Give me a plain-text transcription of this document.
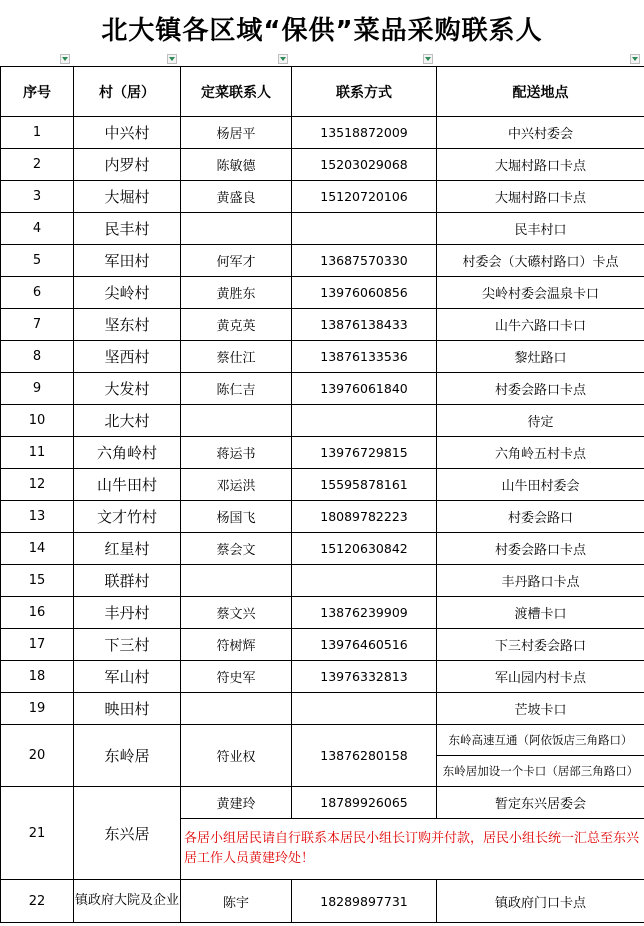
北大镇各区域“保供”菜品采购联系人
序号	村（居）	定菜联系人	联系方式	配送地点
1	中兴村	杨居平	13518872009	中兴村委会
2	内罗村	陈敏德	15203029068	大堀村路口卡点
3	大堀村	黄盛良	15120720106	大堀村路口卡点
4	民丰村			民丰村口
5	军田村	何军才	13687570330	村委会（大礤村路口）卡点
6	尖岭村	黄胜东	13976060856	尖岭村委会温泉卡口
7	坚东村	黄克英	13876138433	山牛六路口卡口
8	坚西村	蔡仕江	13876133536	黎灶路口
9	大发村	陈仁吉	13976061840	村委会路口卡点
10	北大村			待定
11	六角岭村	蒋运书	13976729815	六角岭五村卡点
12	山牛田村	邓运洪	15595878161	山牛田村委会
13	文才竹村	杨国飞	18089782223	村委会路口
14	红星村	蔡会文	15120630842	村委会路口卡点
15	联群村			丰丹路口卡点
16	丰丹村	蔡文兴	13876239909	渡槽卡口
17	下三村	符树辉	13976460516	下三村委会路口
18	军山村	符史军	13976332813	军山园内村卡点
19	映田村			芒坡卡口
20	东岭居	符业权	13876280158	东岭高速互通（阿依饭店三角路口）
				东岭居加设一个卡口（居部三角路口）
21	东兴居	黄建玲	18789926065	暂定东兴居委会
		各居小组居民请自行联系本居民小组长订购并付款，居民小组长统一汇总至东兴居工作人员黄建玲处！		
22	镇政府大院及企业	陈宇	18289897731	镇政府门口卡点
